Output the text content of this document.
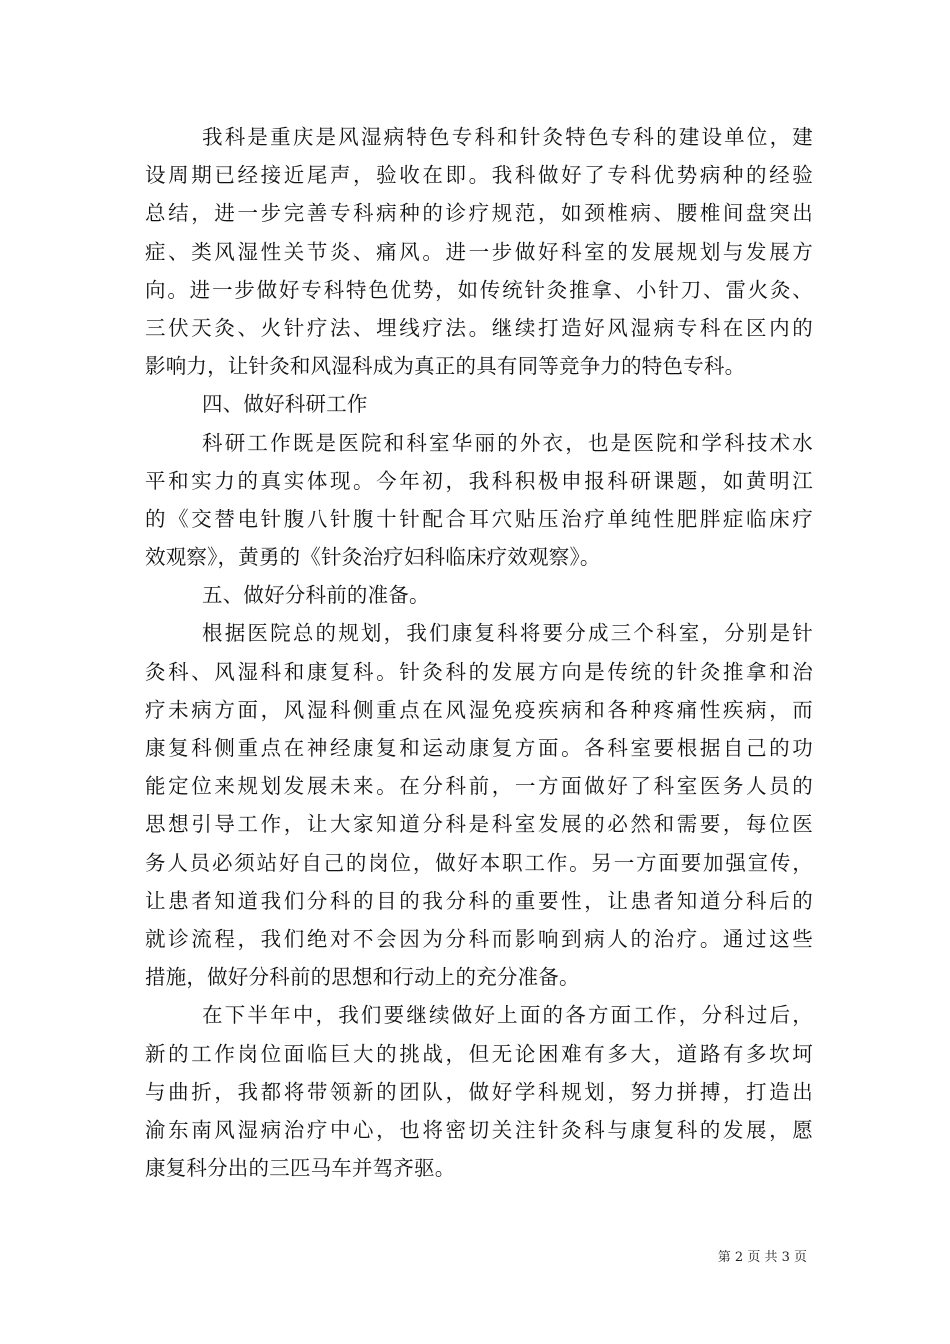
我科是重庆是风湿病特色专科和针灸特色专科的建设单位，建
设周期已经接近尾声，验收在即。我科做好了专科优势病种的经验
总结，进一步完善专科病种的诊疗规范，如颈椎病、腰椎间盘突出
症、类风湿性关节炎、痛风。进一步做好科室的发展规划与发展方
向。进一步做好专科特色优势，如传统针灸推拿、小针刀、雷火灸、
三伏天灸、火针疗法、埋线疗法。继续打造好风湿病专科在区内的
影响力，让针灸和风湿科成为真正的具有同等竞争力的特色专科。
四、做好科研工作
科研工作既是医院和科室华丽的外衣，也是医院和学科技术水
平和实力的真实体现。今年初，我科积极申报科研课题，如黄明江
的《交替电针腹八针腹十针配合耳穴贴压治疗单纯性肥胖症临床疗
效观察》，黄勇的《针灸治疗妇科临床疗效观察》。
五、做好分科前的准备。
根据医院总的规划，我们康复科将要分成三个科室，分别是针
灸科、风湿科和康复科。针灸科的发展方向是传统的针灸推拿和治
疗未病方面，风湿科侧重点在风湿免疫疾病和各种疼痛性疾病，而
康复科侧重点在神经康复和运动康复方面。各科室要根据自己的功
能定位来规划发展未来。在分科前，一方面做好了科室医务人员的
思想引导工作，让大家知道分科是科室发展的必然和需要，每位医
务人员必须站好自己的岗位，做好本职工作。另一方面要加强宣传，
让患者知道我们分科的目的我分科的重要性，让患者知道分科后的
就诊流程，我们绝对不会因为分科而影响到病人的治疗。通过这些
措施，做好分科前的思想和行动上的充分准备。
在下半年中，我们要继续做好上面的各方面工作，分科过后，
新的工作岗位面临巨大的挑战，但无论困难有多大，道路有多坎坷
与曲折，我都将带领新的团队，做好学科规划，努力拼搏，打造出
渝东南风湿病治疗中心，也将密切关注针灸科与康复科的发展，愿
康复科分出的三匹马车并驾齐驱。
第 2 页 共 3 页
